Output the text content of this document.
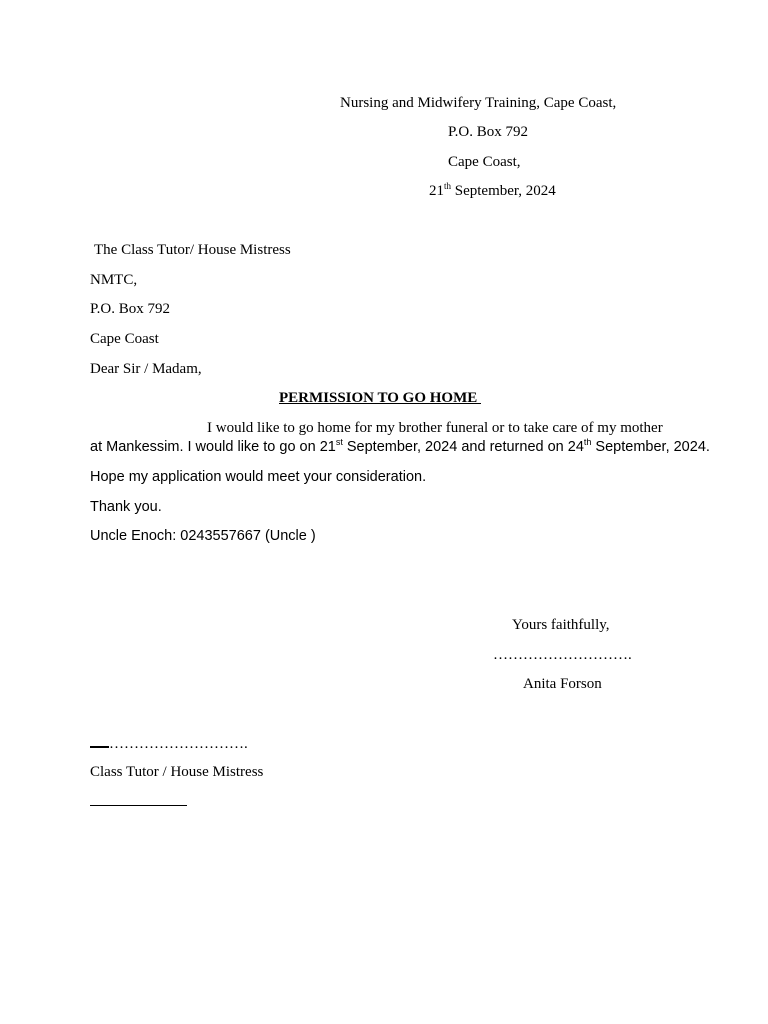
Nursing and Midwifery Training, Cape Coast,
P.O. Box 792
Cape Coast,
21th September, 2024
The Class Tutor/ House Mistress
NMTC,
P.O. Box 792
Cape Coast
Dear Sir / Madam,
PERMISSION TO GO HOME
I would like to go home for my brother funeral or to take care of my mother
at Mankessim. I would like to go on 21st September, 2024 and returned on 24th September, 2024.
Hope my application would meet your consideration.
Thank you.
Uncle Enoch: 0243557667 (Uncle )
Yours faithfully,
……………………….
Anita Forson
……………………….
Class Tutor / House Mistress
